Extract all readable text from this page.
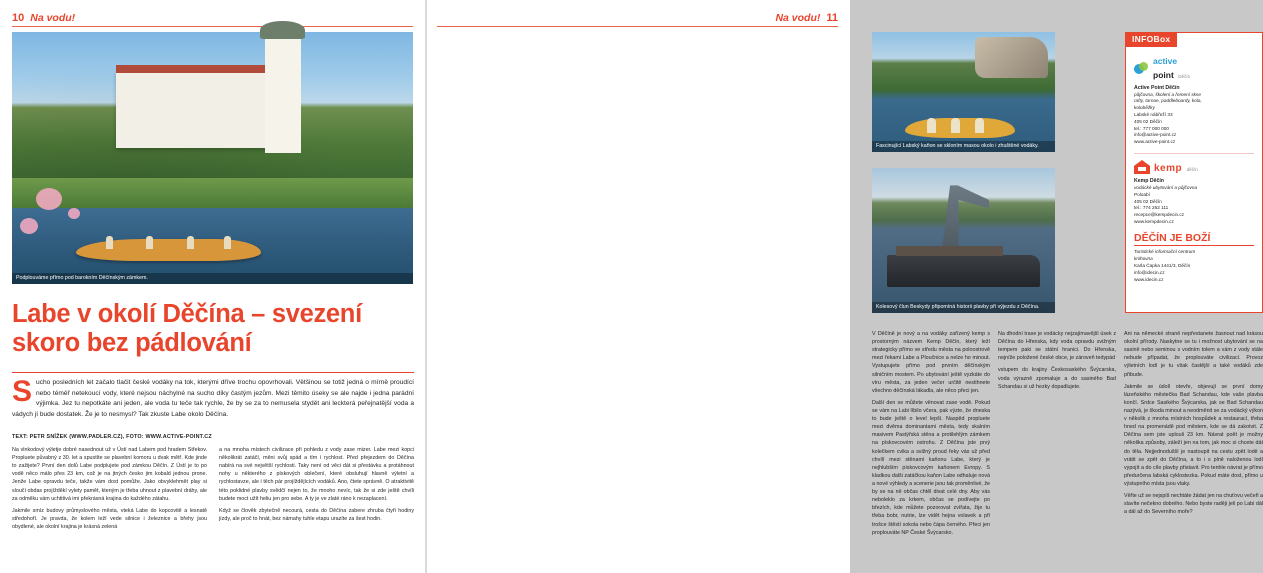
10 Na vodu!
Podplouváme přímo pod barokním Děčínským zámkem.
Labe v okolí Děčína – svezení
skoro bez pádlování
Sucho posledních let začalo tlačit české vodáky na tok, kterými dříve trochu opovrhovali. Většinou se totiž jedná o mírně proudící nebo téměř netekoucí vody, které nejsou náchylné na sucho díky častým jezům. Mezi těmito úseky se ale najde i jedna parádní výjimka. Jez tu nepotkáte ani jeden, ale voda tu teče tak rychle, že by se za to nemusela stydět ani leckterá peřejnatější voda a vádych jí bude dostatek. Že je to nesmysl? Tak zkuste Labe okolo Děčína.
TEXT: PETR SNÍŽEK (WWW.PADLER.CZ), FOTO: WWW.ACTIVE-POINT.CZ

Na vlnkodový výletje dobré nasednout už v Ústí nad Labem pod hradem Střekov. Propluete půvabný z 30. let a spustíte se plavební komoru u dvak mětř. Kde jinde to zažijete? První den dolů Labe podplujete pod zámkou Děčín. Z Ústí je to po vodě něco málo přes 23 km, což je na jtných česko jim kobald jednou prone. Jenže Labe opravdu teče, takže vám dost pomůže. Jako obvyklehmět play si sloučí obdas projížděkí vylety pamět, kteným je třeba uhnout z plavební dráhy, ale za odměku vám uchtitivá imi překrásná krajina do každého zátahu.

Jakmile smíz budovy průmyslového města, vteká Labe do kopcovitě a lesnatě středohoří. Je pravda, že kolem leží vede silnice i železnice a břehy jsou obydlené, ale okolní krajina je krásná zelená

a na mnoha místech civilizace při pohledu z vody zase mizer. Labe mezi kopci několikrát zatáčí, měni svůj spád a tím i rychlost. Před přejezdem do Děčína nabírá na své největší rychlosti. Taky není od věci dát si přestávku a protáhnout nohy u některého z pískových oblečení, které obsluhují hlavně výletní a rychlostavze, ale i těch pár projíždějících vodáků. Ano, čtete správně. O atraktivitě této poklidné plavby svědčí nejen to, že mnoho nevíc, tak že si zde ještě chvíli budete moct užít heliu jen pro sebe. A ty je ve zlaté ráno k nezaplacení.

Když se člověk zbytečně necourá, cesta do Děčína zabere zhruba čtyři hodiny jízdy, ale proč to hnát, bez námahy tuhle etapu urazíte za šest hodin.

Na vodu! 11
Fascinující Labský kaňon se skloním masou okolo i zhuštěné vodáky.
Kolesový člun Beskydy připomíná historii plavby při výjezdu z Děčína.
INFOBox
active
point Děčín
Active Point Děčín
půjčovna, školení a řemení skse
rafty, tarnoe, paddleboardy, kola,
koloběžky
Labské nábřeží 33
405 02 Děčín
tel.: 777 000 000
info@active-point.cz
www.active-point.cz
kemp děčín
Kemp Děčín
vodácké ubytování a půjčovna
Poloabí
405 02 Děčín
tel.: 774 262 111
recepce@kempdecin.cz
www.kempdecin.cz
DĚČÍN JE BOŽÍ
Turistické informační centrum
knihovna
Karla Čapka 1441/3, Děčín
info@idecin.cz
www.idecin.cz

V Děčíně je nový a na vodáky zařízený kemp s prostorným názvem Kemp Děčín, který leží strategicky přímo ve středu města na poloostrově mezi řekami Labe a Ploučnice a nelze ho minout. Vystupujete přímo pod prvním děčínským silničním mostem. Po ubytování ještě vyzkáte do víru města, za jeden večer určitě nestihnete všechno děčínská lákadla, ale něco přeci jen.

Další den se můžete věnovat zase vodě. Pokud se vám na Labi líbilo včera, pak výzte, že dneska to bude ještě o level lepší. Naspěd propluete mezi dvěma dominantami města, tedy skalním masivem Pastýřská stěna a protilehlým zámkem na pískovcovém ostrohu. Z Děčína jste prvý kolečkem cvika a svižný proud řeky vás už před chvílí mezi stěnami kaňonu Labe, který je nejhlubším pískovcovým kaňonem Evropy. S kladkou dalši zatáčkou kaňon Labe odhaluje nová a nové výhledy a scenerie jsou tak proměnlivé, že by se na ně občas chtěl divat celé dny. Aby vás neboleklo za krkem, občas se podívejte po březích, kde můžete pozorovat zvířata, žije tu třeba bobr, nutrie, lze vidět hejna volavek a při trošce štěstí sokola nebo čápa černého. Přeci jen proplouváte NP České Švýcarsko.

Na dhodní trase je vodácky nejzajímavější úsek z Děčína do Hřenska, kdy voda opravdu svižným tempem paki se státní hranici. Do Hřenska, nejníže položené české obce, je zároveň tedypád

vstupem do krajiny Českosaského Švýcarska, voda výrazně zpomaluje a do sasiného Bad Schandau si už hezky dopadlujete.

Ani na německé straně nepřestanete žasnout nad krásou okolní přírody. Naskytne se tu i možnost ubytování se na sasině nebo seminou s vodním tolem a vám z vody stále nebude případat, že proplouváte civilizací. Provoz výletních lodí je tu však častější a také vodáků zde přibude.

Jakmile se údolí otevře, objevují se první domy lázeňského městečka Bad Schandau, kde vaše plavba končí. Srdce Sasikého Švýcarska, jak se Bad Schandau nazývá, je škoda minout a neodměnit se za vodácký výkon v několik z mnoha místních hospůdek a restaurací, třeba hned na promenádě pod městem, kde se dá zakotvit. Z Děčína sem jste uplouli 23 km. Návrat poět je možny několika způsoby, záleží jen na tom, jak moc si chcete dát do těla. Nejjednodušší je nastoupit na cestu zpět lodě a vrátit se zpět do Děčína, a to i s plně naloženou lodí vypojít a do cíle plavby přistavit. Pro tenhle návrat je přímo předurčena labská cyklostezka. Pokud máte dost, přímo u výstupního místa jsou vlaky.

Věřte už se nejspíš nechtáte žádat jen na chuťovu večeři a slavíte nečekno dobrého. Nebo byste raději jeli po Labi dál a dál až do Severního moře?
